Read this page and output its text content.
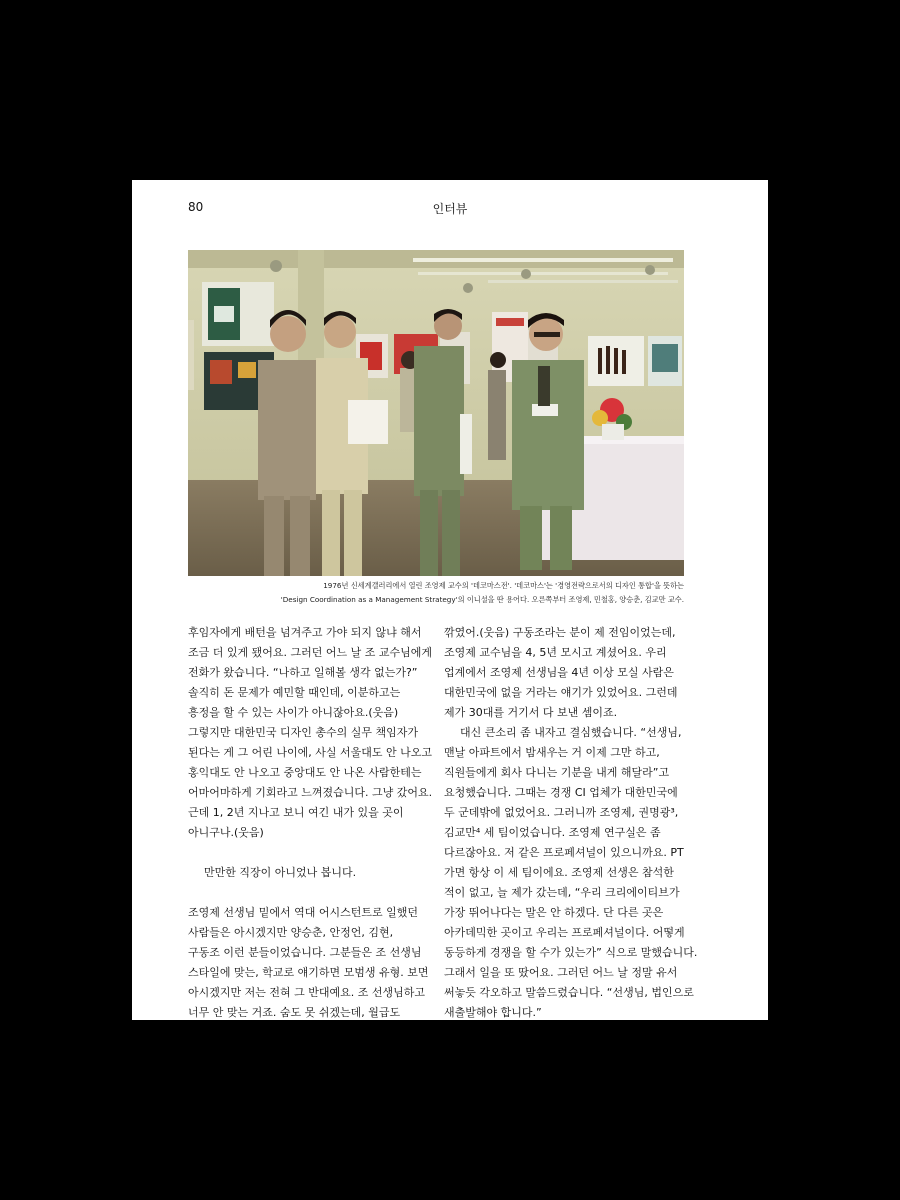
80	인터뷰
1976년 신세계갤러리에서 열린 조영제 교수의 '데코마스전'. '데코마스'는 '경영전략으로서의 디자인 통합'을 뜻하는
'Design Coordination as a Management Strategy'의 이니셜을 딴 용어다. 오른쪽부터 조영제, 민철홍, 양승춘, 김교만 교수.
후임자에게 배턴을 넘겨주고 가야 되지 않냐 해서
조금 더 있게 됐어요. 그러던 어느 날 조 교수님에게
전화가 왔습니다. “나하고 일해볼 생각 없는가?”
솔직히 돈 문제가 예민할 때인데, 이분하고는
흥정을 할 수 있는 사이가 아니잖아요.(웃음)
그렇지만 대한민국 디자인 총수의 실무 책임자가
된다는 게 그 어린 나이에, 사실 서울대도 안 나오고
홍익대도 안 나오고 중앙대도 안 나온 사람한테는
어마어마하게 기회라고 느껴졌습니다. 그냥 갔어요.
근데 1, 2년 지나고 보니 여긴 내가 있을 곳이
아니구나.(웃음)
만만한 직장이 아니었나 봅니다.
조영제 선생님 밑에서 역대 어시스턴트로 일했던
사람들은 아시겠지만 양승춘, 안정언, 김현,
구동조 이런 분들이었습니다. 그분들은 조 선생님
스타일에 맞는, 학교로 얘기하면 모범생 유형. 보면
아시겠지만 저는 전혀 그 반대예요. 조 선생님하고
너무 안 맞는 거죠. 숨도 못 쉬겠는데, 월급도
깎였어.(웃음) 구동조라는 분이 제 전임이었는데,
조영제 교수님을 4, 5년 모시고 계셨어요. 우리
업계에서 조영제 선생님을 4년 이상 모실 사람은
대한민국에 없을 거라는 얘기가 있었어요. 그런데
제가 30대를 거기서 다 보낸 셈이죠.
대신 큰소리 좀 내자고 결심했습니다. “선생님,
맨날 아파트에서 밤새우는 거 이제 그만 하고,
직원들에게 회사 다니는 기분을 내게 해달라”고
요청했습니다. 그때는 경쟁 CI 업체가 대한민국에
두 군데밖에 없었어요. 그러니까 조영제, 권명광³,
김교만⁴ 세 팀이었습니다. 조영제 연구실은 좀
다르잖아요. 저 같은 프로페셔널이 있으니까요. PT
가면 항상 이 세 팀이에요. 조영제 선생은 참석한
적이 없고, 늘 제가 갔는데, “우리 크리에이티브가
가장 뛰어나다는 말은 안 하겠다. 단 다른 곳은
아카데믹한 곳이고 우리는 프로페셔널이다. 어떻게
동등하게 경쟁을 할 수가 있는가” 식으로 말했습니다.
그래서 일을 또 땄어요. 그러던 어느 날 정말 유서
써놓듯 각오하고 말씀드렸습니다. “선생님, 법인으로
새출발해야 합니다.”
